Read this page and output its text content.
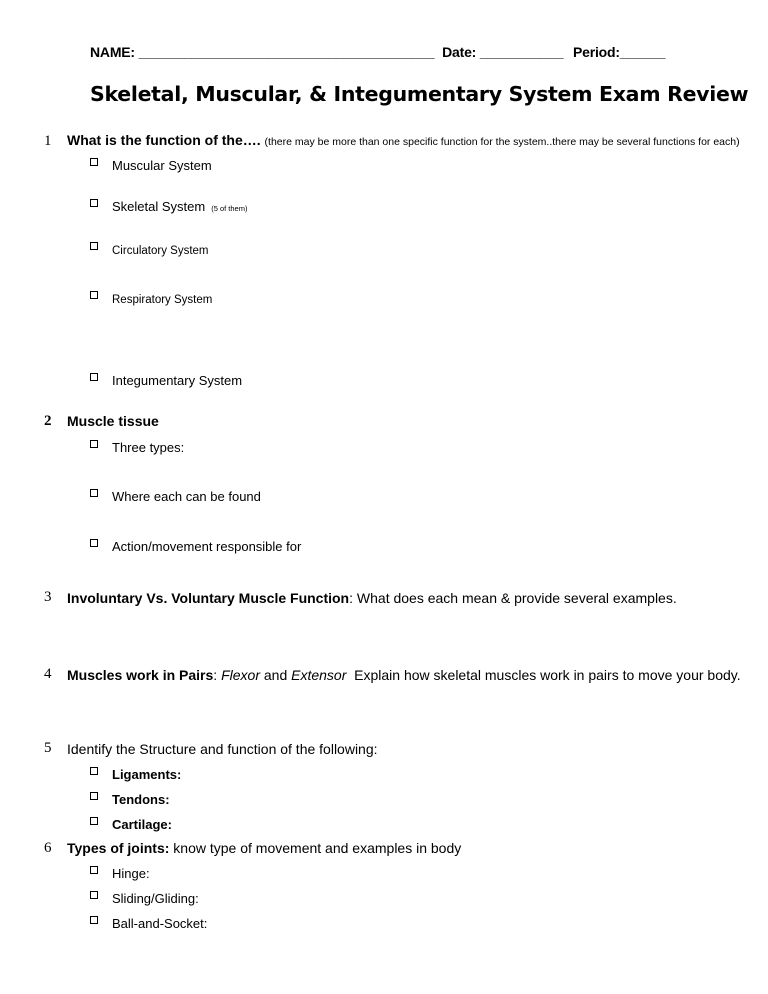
NAME: _______________________________________ Date: ___________ Period:______
Skeletal, Muscular, & Integumentary System Exam Review
1 What is the function of the…. (there may be more than one specific function for the system..there may be several functions for each)
Muscular System
Skeletal System (5 of them)
Circulatory System
Respiratory System
Integumentary System
2 Muscle tissue
Three types:
Where each can be found
Action/movement responsible for
3 Involuntary Vs. Voluntary Muscle Function: What does each mean & provide several examples.
4 Muscles work in Pairs: Flexor and Extensor  Explain how skeletal muscles work in pairs to move your body.
5 Identify the Structure and function of the following:
Ligaments:
Tendons:
Cartilage:
6 Types of joints: know type of movement and examples in body
Hinge:
Sliding/Gliding:
Ball-and-Socket:
